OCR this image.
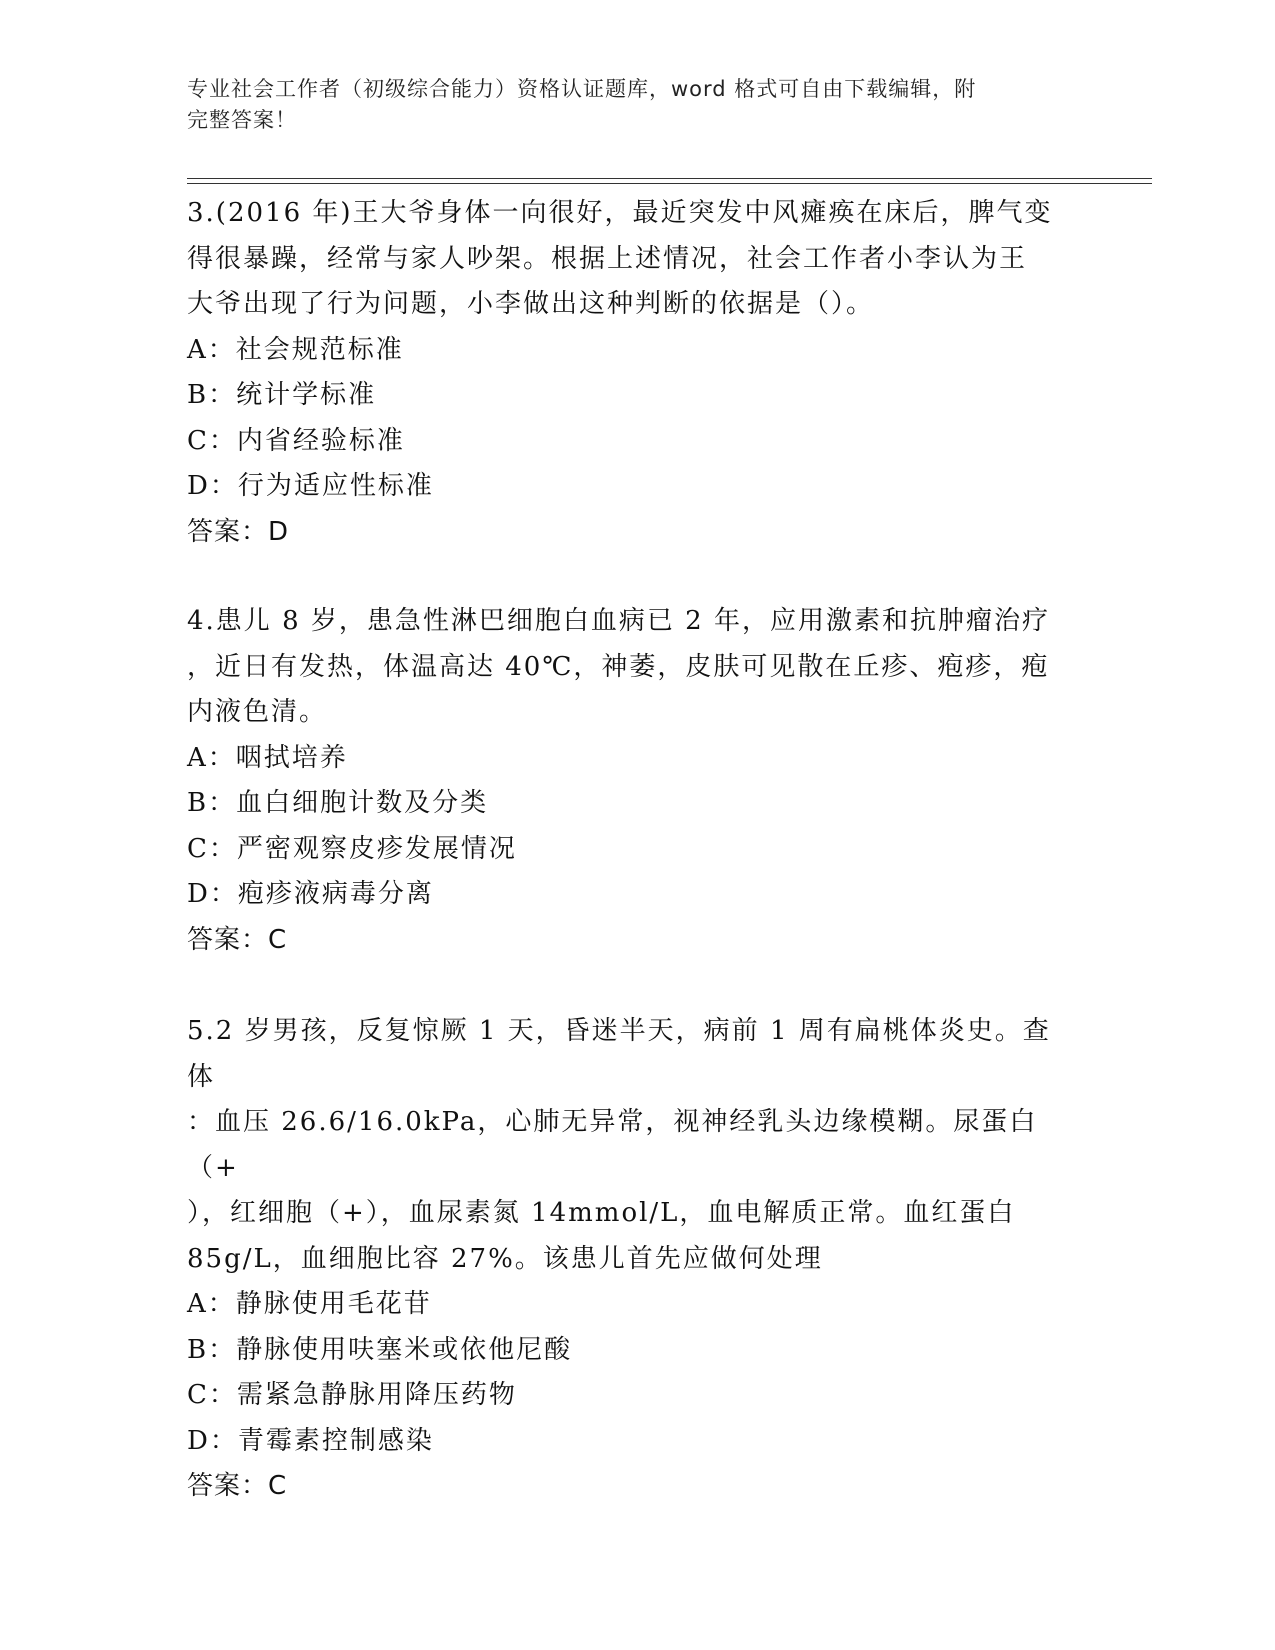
专业社会工作者（初级综合能力）资格认证题库，word 格式可自由下载编辑，附
完整答案！

3.(2016 年)王大爷身体一向很好，最近突发中风瘫痪在床后，脾气变

得很暴躁，经常与家人吵架。根据上述情况，社会工作者小李认为王

大爷出现了行为问题，小李做出这种判断的依据是（）。

A：社会规范标准

B：统计学标准

C：内省经验标准

D：行为适应性标准

答案：D

4.患儿 8 岁，患急性淋巴细胞白血病已 2 年，应用激素和抗肿瘤治疗

，近日有发热，体温高达 40℃，神萎，皮肤可见散在丘疹、疱疹，疱

内液色清。

A：咽拭培养

B：血白细胞计数及分类

C：严密观察皮疹发展情况

D：疱疹液病毒分离

答案：C

5.2 岁男孩，反复惊厥 1 天，昏迷半天，病前 1 周有扁桃体炎史。查体

：血压 26.6/16.0kPa，心肺无异常，视神经乳头边缘模糊。尿蛋白（+

），红细胞（+），血尿素氮 14mmol/L，血电解质正常。血红蛋白

85g/L，血细胞比容 27%。该患儿首先应做何处理

A：静脉使用毛花苷

B：静脉使用呋塞米或依他尼酸

C：需紧急静脉用降压药物

D：青霉素控制感染

答案：C
